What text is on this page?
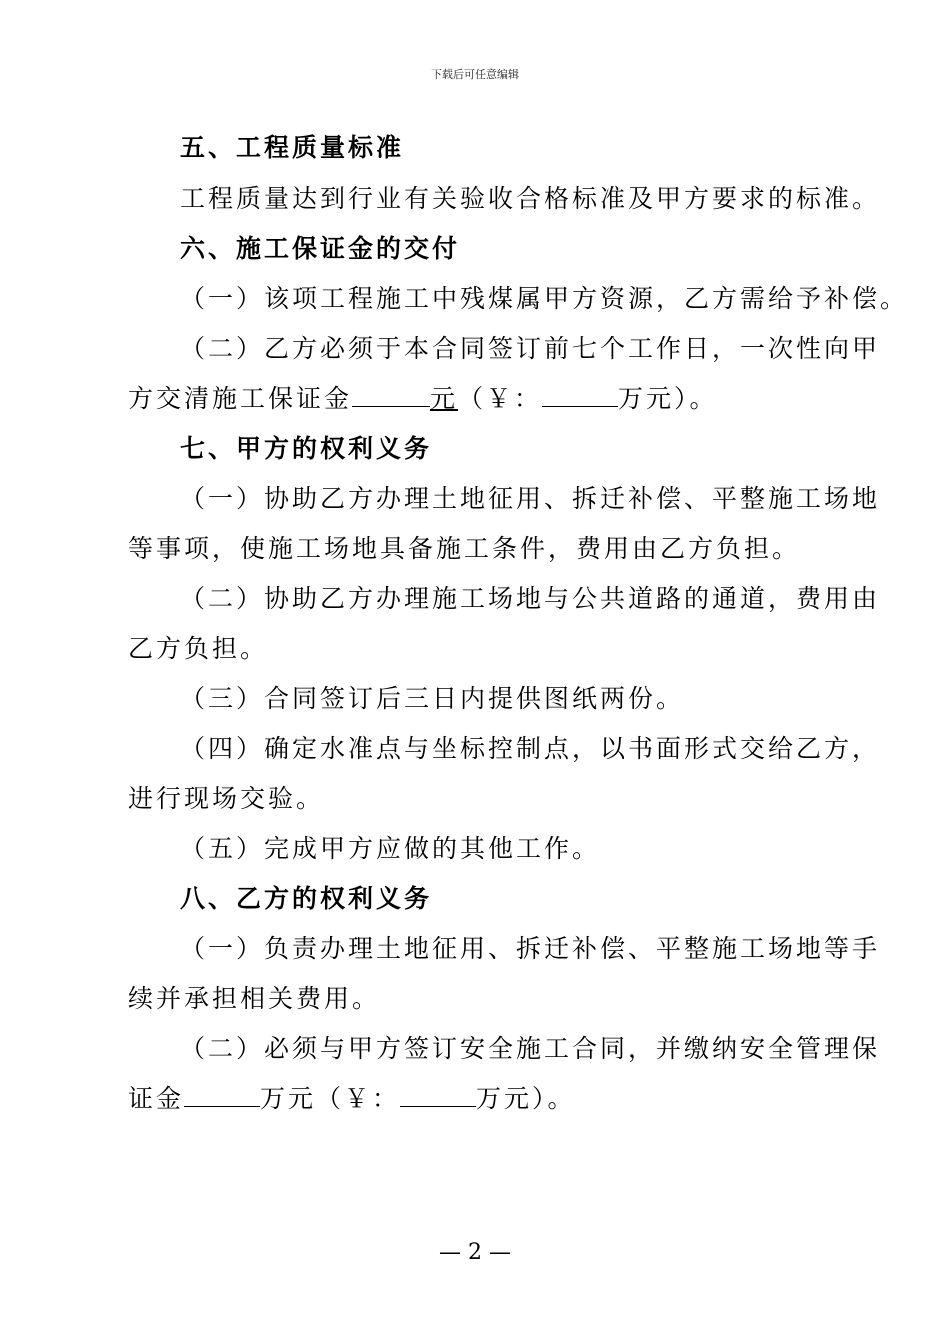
下载后可任意编辑
五、工程质量标准
工程质量达到行业有关验收合格标准及甲方要求的标准。
六、施工保证金的交付
（一）该项工程施工中残煤属甲方资源，乙方需给予补偿。
（二）乙方必须于本合同签订前七个工作日，一次性向甲
方交清施工保证金	元（￥：	万元）。
七、甲方的权利义务
（一）协助乙方办理土地征用、拆迁补偿、平整施工场地
等事项，使施工场地具备施工条件，费用由乙方负担。
（二）协助乙方办理施工场地与公共道路的通道，费用由
乙方负担。
（三）合同签订后三日内提供图纸两份。
（四）确定水准点与坐标控制点，以书面形式交给乙方，
进行现场交验。
（五）完成甲方应做的其他工作。
八、乙方的权利义务
（一）负责办理土地征用、拆迁补偿、平整施工场地等手
续并承担相关费用。
（二）必须与甲方签订安全施工合同，并缴纳安全管理保
证金	万元（￥：	万元）。
— 2 —
